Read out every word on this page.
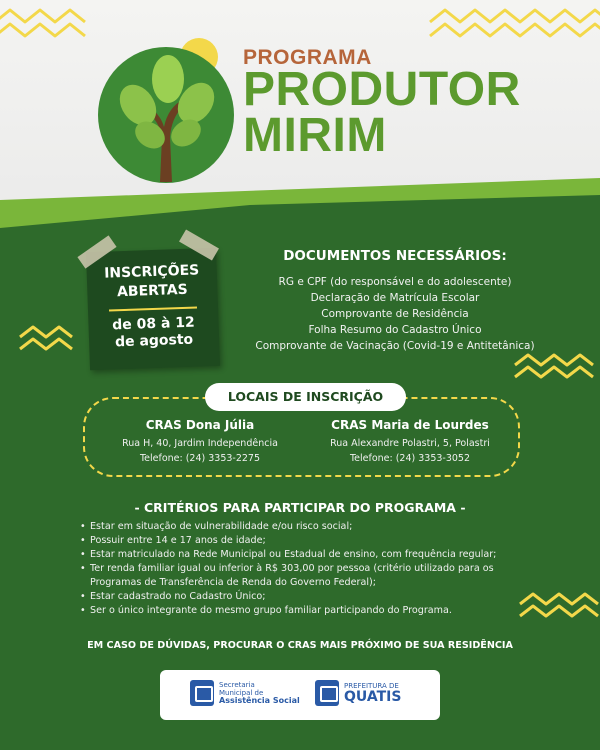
PROGRAMA
PRODUTOR
MIRIM
INSCRIÇÕES
ABERTAS
de 08 à 12
de agosto
DOCUMENTOS NECESSÁRIOS:
RG e CPF (do responsável e do adolescente)
Declaração de Matrícula Escolar
Comprovante de Residência
Folha Resumo do Cadastro Único
Comprovante de Vacinação (Covid-19 e Antitetânica)
LOCAIS DE INSCRIÇÃO
CRAS Dona Júlia
Rua H, 40, Jardim Independência
Telefone: (24) 3353-2275
CRAS Maria de Lourdes
Rua Alexandre Polastri, 5, Polastri
Telefone: (24) 3353-3052
- CRITÉRIOS PARA PARTICIPAR DO PROGRAMA -
• Estar em situação de vulnerabilidade e/ou risco social;
• Possuir entre 14 e 17 anos de idade;
• Estar matriculado na Rede Municipal ou Estadual de ensino, com frequência regular;
• Ter renda familiar igual ou inferior à R$ 303,00 por pessoa (critério utilizado para os Programas de Transferência de Renda do Governo Federal);
• Estar cadastrado no Cadastro Único;
• Ser o único integrante do mesmo grupo familiar participando do Programa.
EM CASO DE DÚVIDAS, PROCURAR O CRAS MAIS PRÓXIMO DE SUA RESIDÊNCIA
Secretaria
Municipal de
Assistência Social
PREFEITURA DE
QUATIS
